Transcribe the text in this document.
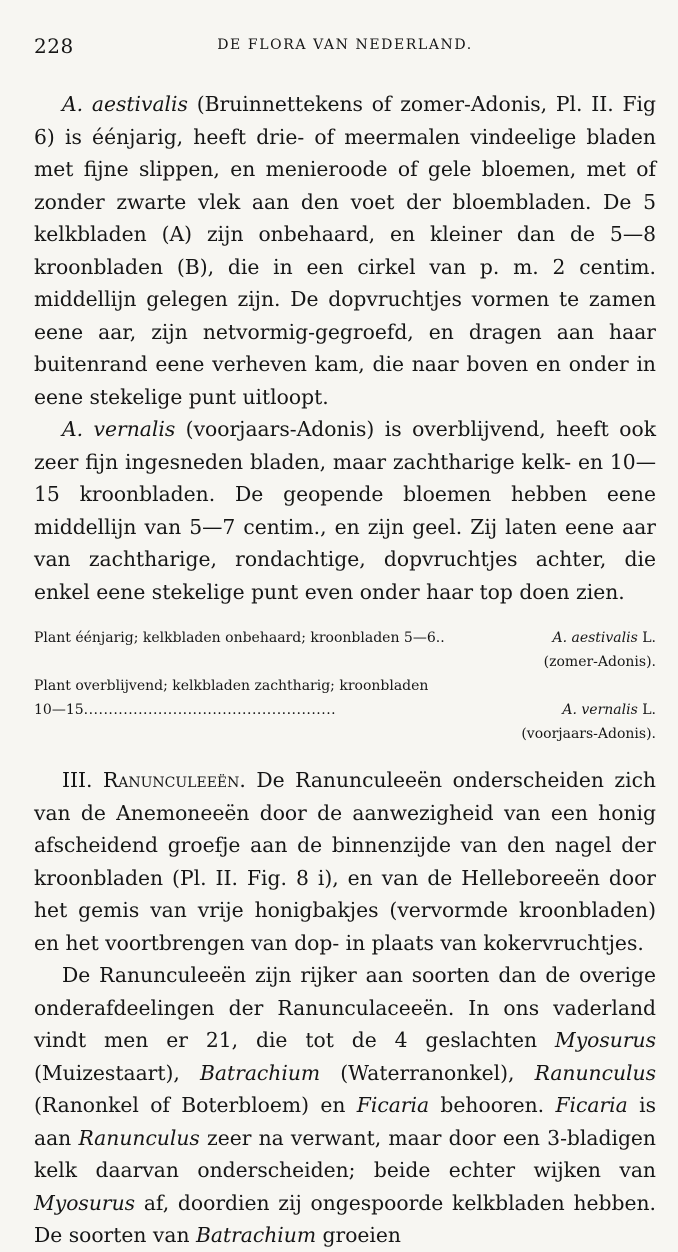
228	DE FLORA VAN NEDERLAND.

A. aestivalis (Bruinnettekens of zomer-Adonis, Pl. II. Fig 6) is éénjarig, heeft drie- of meermalen vindeelige bladen met fijne slippen, en menieroode of gele bloemen, met of zonder zwarte vlek aan den voet der bloembladen. De 5 kelkbladen (A) zijn onbehaard, en kleiner dan de 5—8 kroonbladen (B), die in een cirkel van p. m. 2 centim. middellijn gelegen zijn. De dopvruchtjes vormen te zamen eene aar, zijn netvormig-gegroefd, en dragen aan haar buitenrand eene verheven kam, die naar boven en onder in eene stekelige punt uitloopt.

A. vernalis (voorjaars-Adonis) is overblijvend, heeft ook zeer fijn ingesneden bladen, maar zachtharige kelk- en 10—15 kroonbladen. De geopende bloemen hebben eene middellijn van 5—7 centim., en zijn geel. Zij laten eene aar van zachtharige, rondachtige, dopvruchtjes achter, die enkel eene stekelige punt even onder haar top doen zien.

Plant éénjarig; kelkbladen onbehaard; kroonbladen 5—6..	A. aestivalis L.
(zomer-Adonis).
Plant overblijvend; kelkbladen zachtharig; kroonbladen
10—15...................................................	A. vernalis L.
(voorjaars-Adonis).

III. Ranunculeeën. De Ranunculeeën onderscheiden zich van de Anemoneeën door de aanwezigheid van een honig afscheidend groefje aan de binnenzijde van den nagel der kroonbladen (Pl. II. Fig. 8 i), en van de Helleboreeën door het gemis van vrije honigbakjes (vervormde kroonbladen) en het voortbrengen van dop- in plaats van kokervruchtjes.

De Ranunculeeën zijn rijker aan soorten dan de overige onderafdeelingen der Ranunculaceeën. In ons vaderland vindt men er 21, die tot de 4 geslachten Myosurus (Muizestaart), Batrachium (Waterranonkel), Ranunculus (Ranonkel of Boterbloem) en Ficaria behooren. Ficaria is aan Ranunculus zeer na verwant, maar door een 3-bladigen kelk daarvan onderscheiden; beide echter wijken van Myosurus af, doordien zij ongespoorde kelkbladen hebben. De soorten van Batrachium groeien
